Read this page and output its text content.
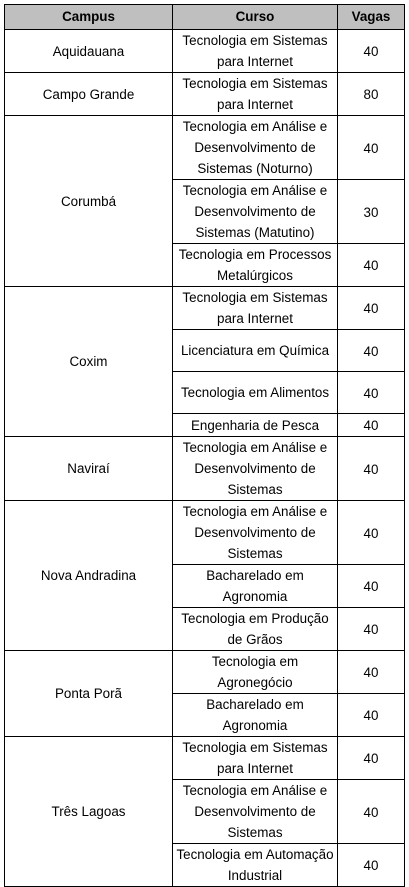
Campus	Curso	Vagas
Aquidauana	Tecnologia em Sistemas para Internet	40
Campo Grande	Tecnologia em Sistemas para Internet	80
Corumbá	Tecnologia em Análise e Desenvolvimento de Sistemas (Noturno)	40
	Tecnologia em Análise e Desenvolvimento de Sistemas (Matutino)	30
	Tecnologia em Processos Metalúrgicos	40
Coxim	Tecnologia em Sistemas para Internet	40
	Licenciatura em Química	40
	Tecnologia em Alimentos	40
	Engenharia de Pesca	40
Naviraí	Tecnologia em Análise e Desenvolvimento de Sistemas	40
Nova Andradina	Tecnologia em Análise e Desenvolvimento de Sistemas	40
	Bacharelado em Agronomia	40
	Tecnologia em Produção de Grãos	40
Ponta Porã	Tecnologia em Agronegócio	40
	Bacharelado em Agronomia	40
Três Lagoas	Tecnologia em Sistemas para Internet	40
	Tecnologia em Análise e Desenvolvimento de Sistemas	40
	Tecnologia em Automação Industrial	40
